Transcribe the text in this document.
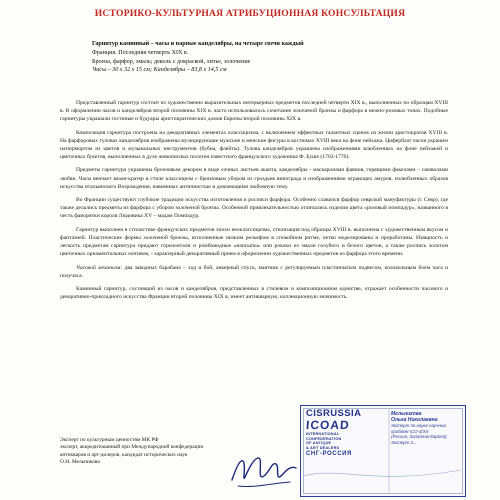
ИСТОРИКО-КУЛЬТУРНАЯ АТРИБУЦИОННАЯ КОНСУЛЬТАЦИЯ
Гарнитур каминный – часы и парные канделябры, на четыре свечи каждый
Франция. Последняя четверть XIX в.
Бронза, фарфор, эмаль; деколь с докраской, литье, золочение
Часы – 30 х 32 х 15 см; Канделябры – 83,8 х 14,5 см

Представленный гарнитур состоит из художественно выразительных интерьерных предметов последней четверти XIX в., выполненных по образцам XVIII в. В оформлении часов и канделябров второй половины XIX в. часто использовалось сочетание золоченой бронзы и фарфора в нежно-розовых тонах. Подобные гарнитуры украшали гостиные и будуары аристократических домов Европы второй половины XIX в.

Композиция гарнитура построена на декоративных элементах классицизма, с включением эффектных галантных сценок из жизни аристократов XVIII в. На фарфоровых туловах канделябров изображены музицирующие мужские и женские фигуры в костюмах XVIII века на фоне пейзажа. Циферблат часов украшен натюрмортом из цветов и музыкальных инструментов (бубна, флейты). Тулова канделябров украшены изображениями влюбленных на фоне пейзажей и цветочных букетов, выполненных в духе живописных полотен известного французского художника Ф. Буше (1703-1770).

Предметы гарнитура украшены бронзовым декором в виде сочных листьев аканта, канделябры - маскаронами фавнов, горящими факелами – символами любви. Часы венчает вазон-кратер в стиле классицизм с бронзовым убором из гроздьев винограда и изображениями играющих амуров, излюбленных образов искусства итальянского Возрождения, навеянных античностью и довлеющими любовную тему.

Во Франции существуют глубокие традиции искусства изготовления и росписи фарфора. Особенно славился фарфор севрской мануфактуры (г. Севр), где также делались предметы из фарфора с убором золоченой бронзы. Особенной привлекательностью отличались изделия цвета «розовый помпадур», названного в честь фаворитки короля Людовика XV – мадам Помпадур.

Гарнитур выполнен в стилистике французских предметов эпохи неоклассицизма, стилизация под образцы XVIII в. выполнена с художественным вкусом и фантазией. Пластические формы золоченой бронзы, исполненные низким рельефом в спокойном ритме, четко моделированы и проработаны. Изящность и легкость предметам гарнитура придают горизонтали и ромбовидные «напсыпы» или рококи из эмали голубого и белого цветов, а также роспись золотом цветочных орнаментальных мотивов, - характерный декоративный прием в оформлении художественных предметов из фарфора этого времени.

Часовой механизм: два заводных барабана – ход и бой, анкерный спуск, маятник с регулируемым пластинчатым подвесом, колокольным боем часа и получаса.

Каминный гарнитур, состоящий из часов и канделябров, представленных в стилевом и композиционном единстве, отражает особенности часового и декоративно-прикладного искусства Франции второй половины XIX в, имеет антикварную, коллекционную значимость.

Эксперт по культурным ценностям МК РФ
эксперт, аккредитованный при Международной конфедерации
антикваров и арт-дилеров, кандидат исторических наук
О.Н. Мельникова
CISRUSSIA
ICOAD
INTERNATIONAL
CONFEDERATION
OF ANTIQUE
& ART DEALERS
СНГ-РОССИЯ
Мельникова
Ольга Николаевна
Эксперт по науке научных
проблем ICO-4/ХХ
(Россия, Западная Европа)
Эксперт 2...
